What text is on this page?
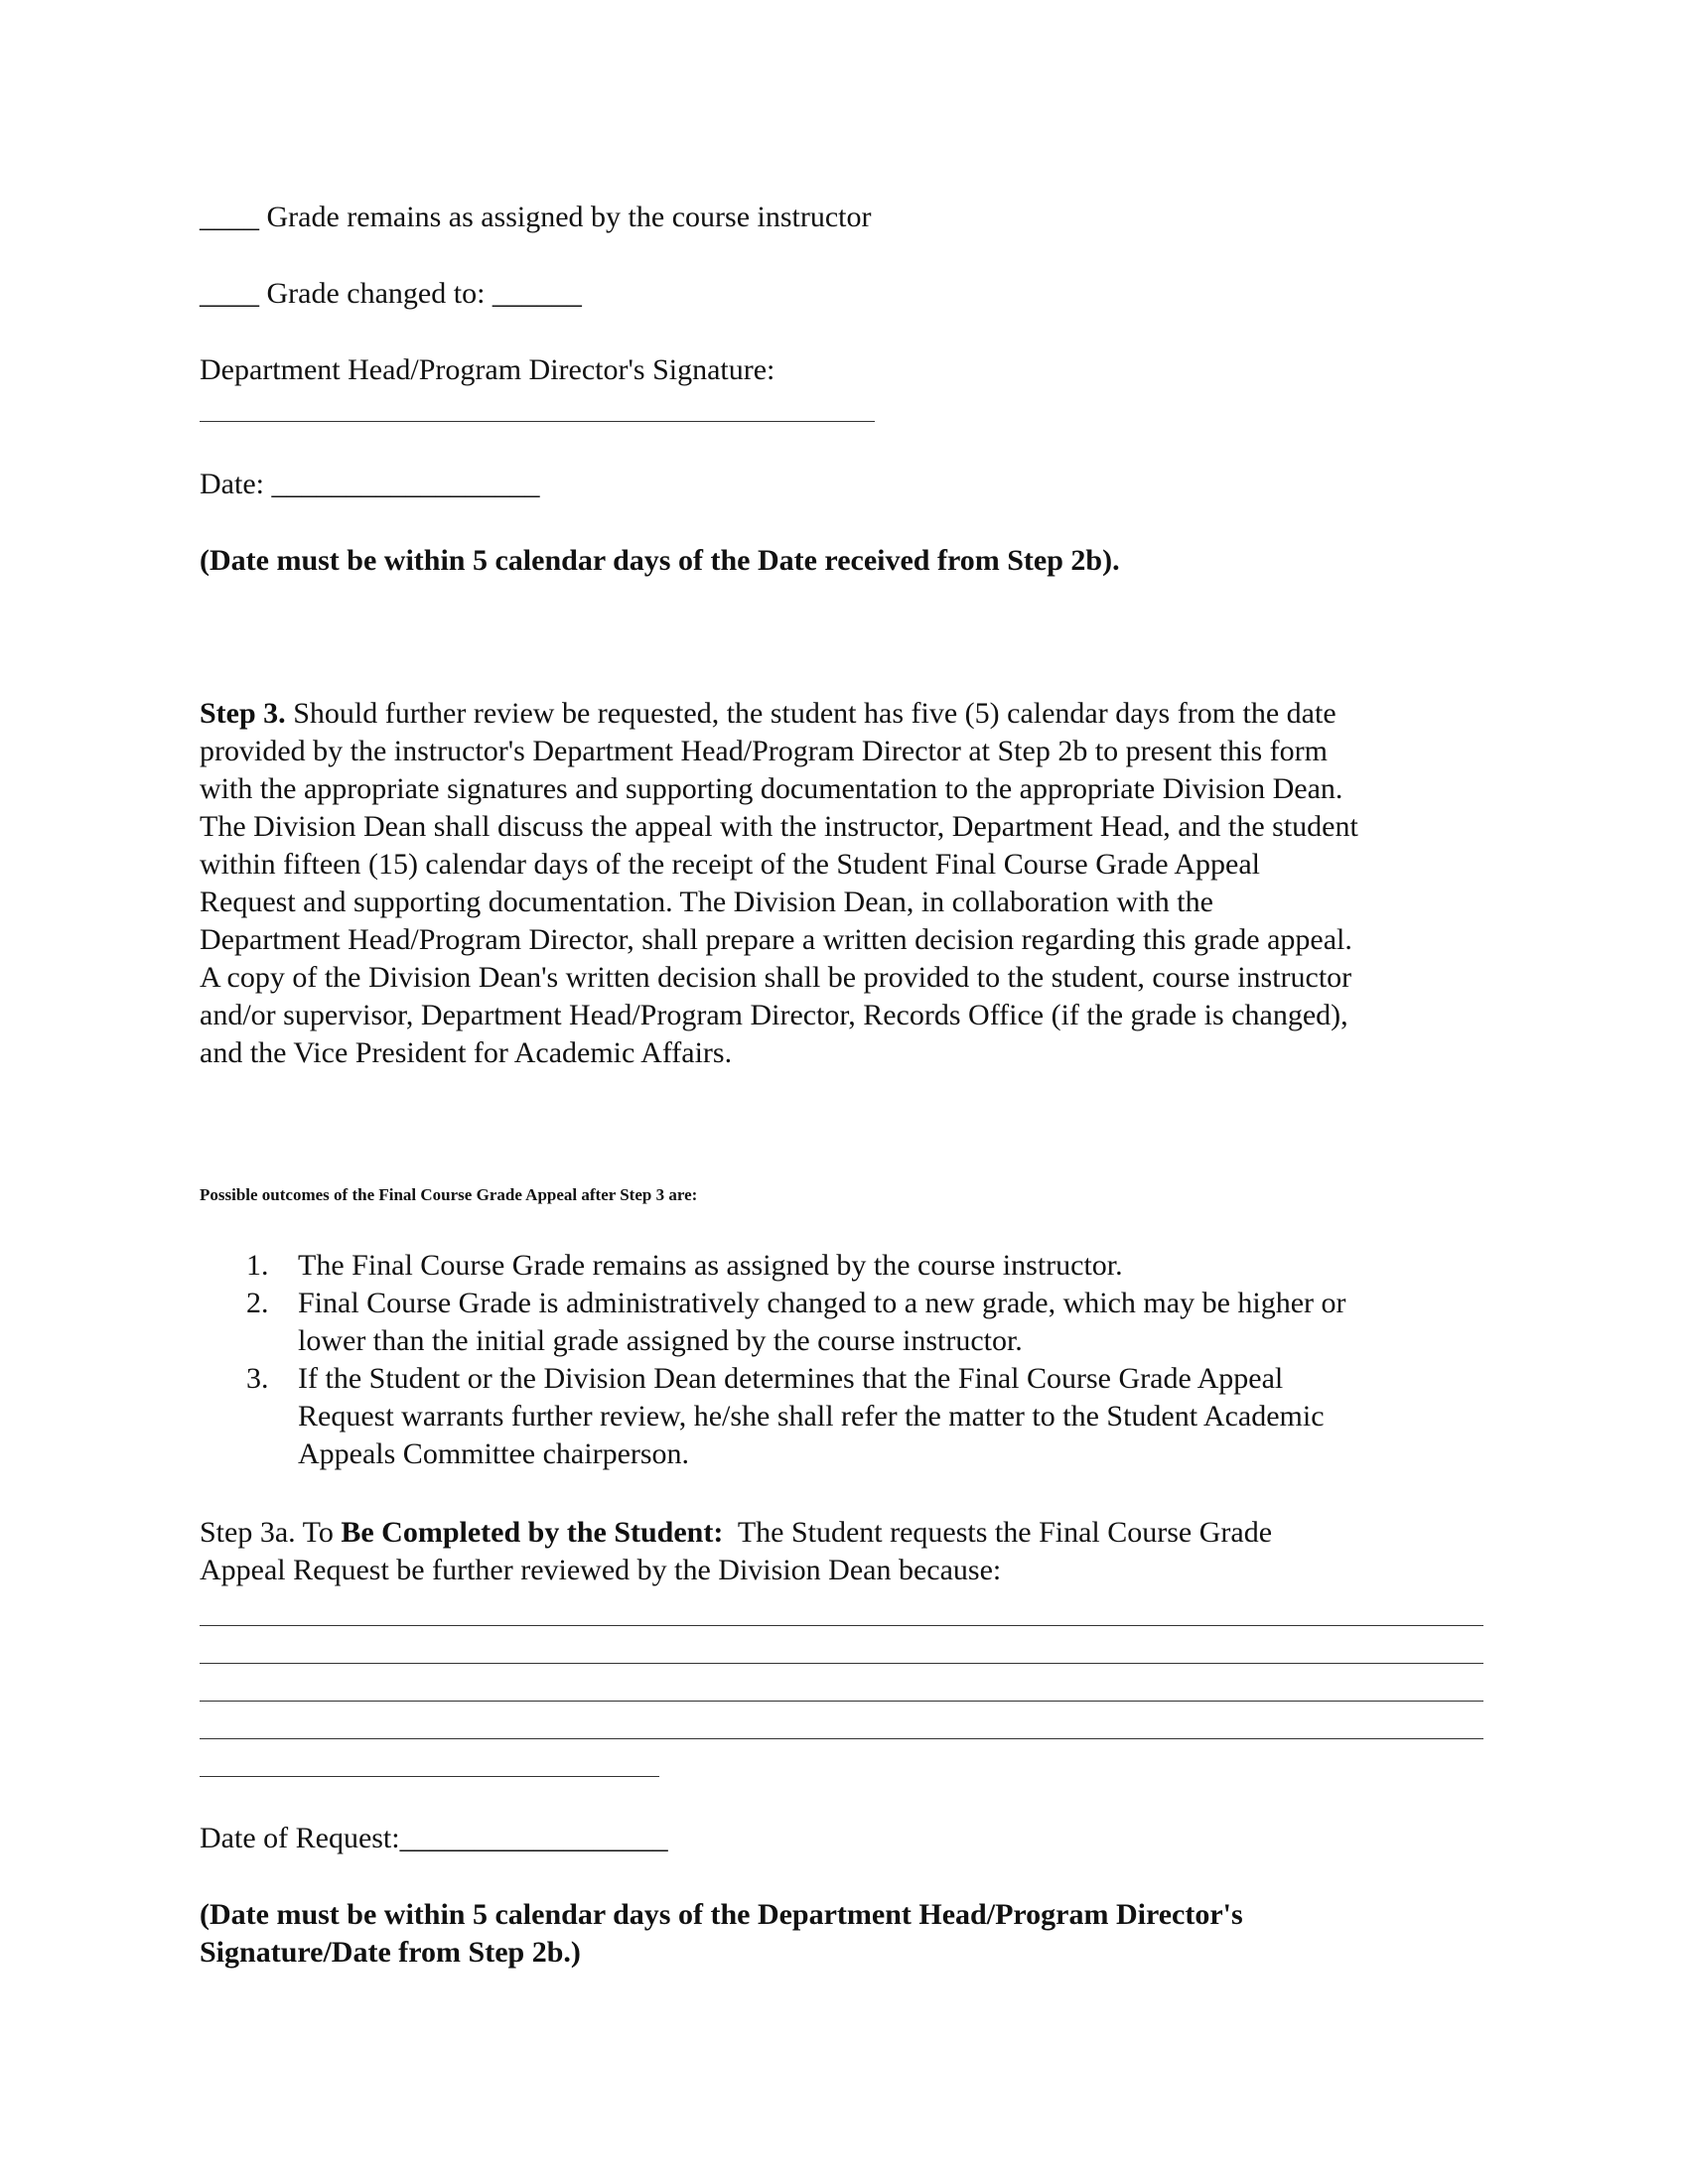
____ Grade remains as assigned by the course instructor
____ Grade changed to: ______
Department Head/Program Director's Signature:
Date: __________________
(Date must be within 5 calendar days of the Date received from Step 2b).
Step 3. Should further review be requested, the student has five (5) calendar days from the date
provided by the instructor's Department Head/Program Director at Step 2b to present this form
with the appropriate signatures and supporting documentation to the appropriate Division Dean.
The Division Dean shall discuss the appeal with the instructor, Department Head, and the student
within fifteen (15) calendar days of the receipt of the Student Final Course Grade Appeal
Request and supporting documentation. The Division Dean, in collaboration with the
Department Head/Program Director, shall prepare a written decision regarding this grade appeal.
A copy of the Division Dean's written decision shall be provided to the student, course instructor
and/or supervisor, Department Head/Program Director, Records Office (if the grade is changed),
and the Vice President for Academic Affairs.
Possible outcomes of the Final Course Grade Appeal after Step 3 are:
1. The Final Course Grade remains as assigned by the course instructor.
2. Final Course Grade is administratively changed to a new grade, which may be higher or
lower than the initial grade assigned by the course instructor.
3. If the Student or the Division Dean determines that the Final Course Grade Appeal
Request warrants further review, he/she shall refer the matter to the Student Academic
Appeals Committee chairperson.
Step 3a. To Be Completed by the Student:  The Student requests the Final Course Grade
Appeal Request be further reviewed by the Division Dean because:
Date of Request:__________________
(Date must be within 5 calendar days of the Department Head/Program Director's
Signature/Date from Step 2b.)
